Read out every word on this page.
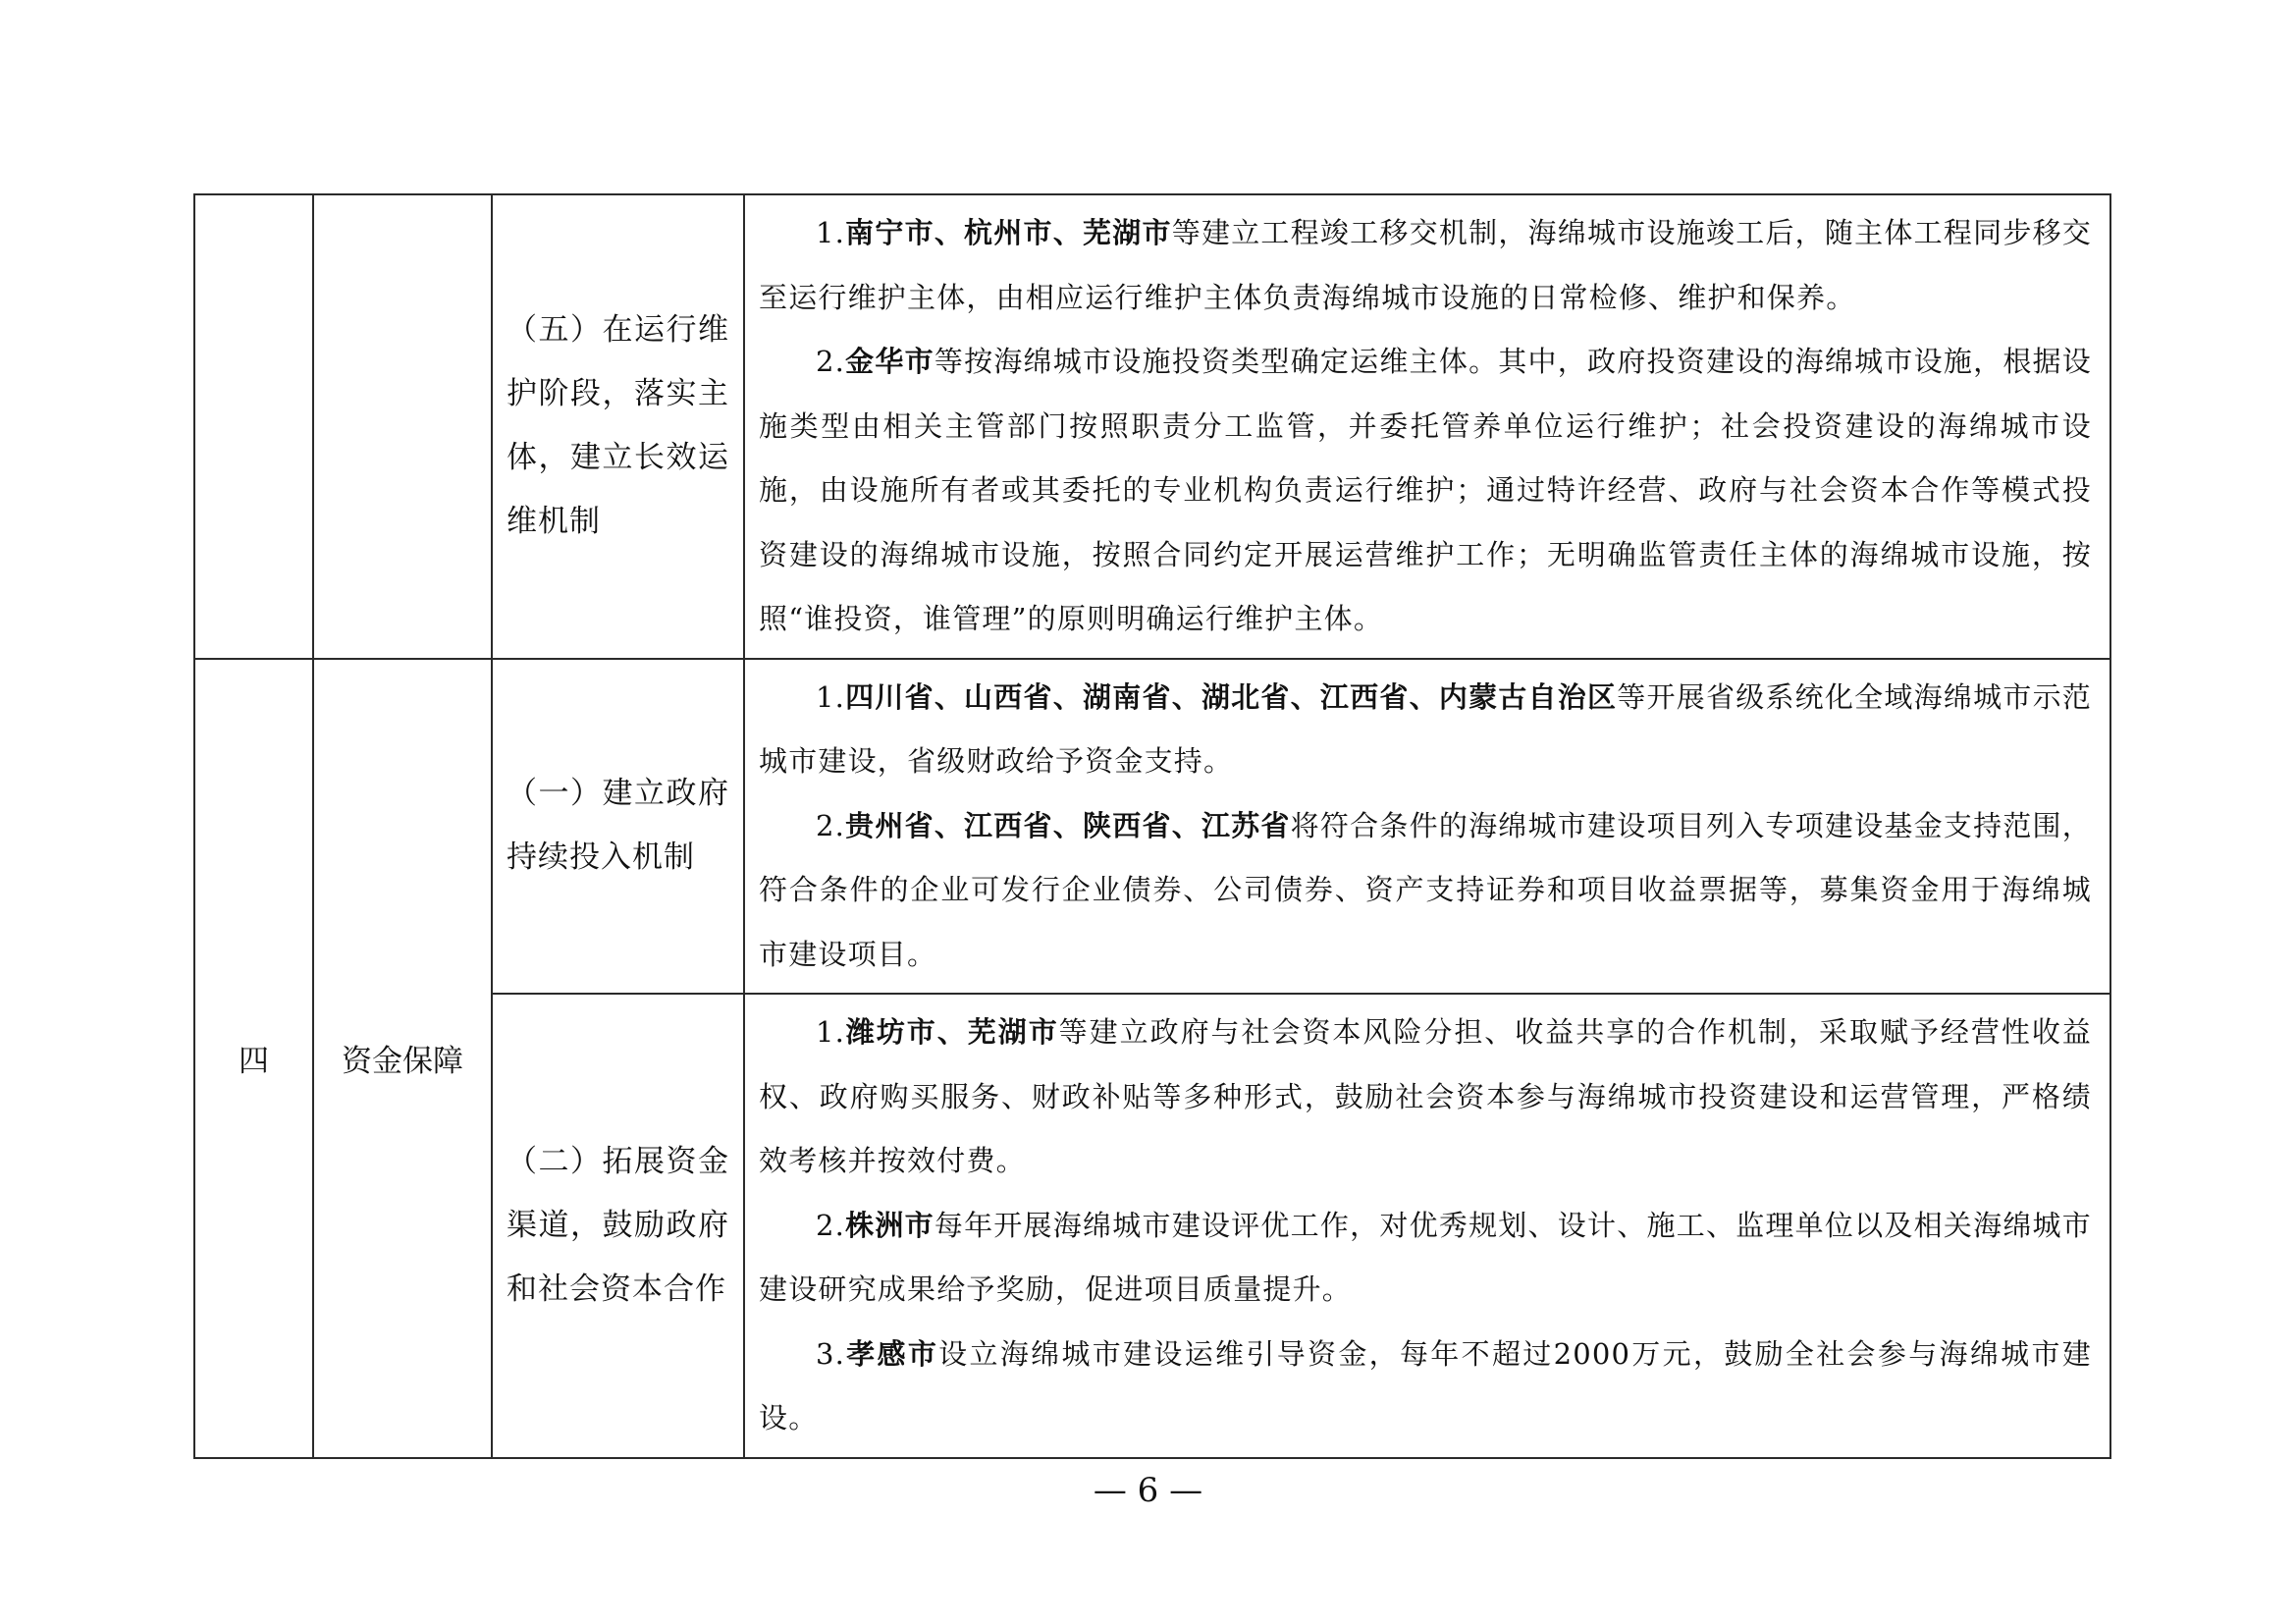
		（五）在运行维护阶段，落实主体，建立长效运维机制	1.南宁市、杭州市、芜湖市等建立工程竣工移交机制，海绵城市设施竣工后，随主体工程同步移交至运行维护主体，由相应运行维护主体负责海绵城市设施的日常检修、维护和保养。

2.金华市等按海绵城市设施投资类型确定运维主体。其中，政府投资建设的海绵城市设施，根据设施类型由相关主管部门按照职责分工监管，并委托管养单位运行维护；社会投资建设的海绵城市设施，由设施所有者或其委托的专业机构负责运行维护；通过特许经营、政府与社会资本合作等模式投资建设的海绵城市设施，按照合同约定开展运营维护工作；无明确监管责任主体的海绵城市设施，按照“谁投资，谁管理”的原则明确运行维护主体。

四	资金保障	（一）建立政府持续投入机制	1.四川省、山西省、湖南省、湖北省、江西省、内蒙古自治区等开展省级系统化全域海绵城市示范城市建设，省级财政给予资金支持。

2.贵州省、江西省、陕西省、江苏省将符合条件的海绵城市建设项目列入专项建设基金支持范围，符合条件的企业可发行企业债券、公司债券、资产支持证券和项目收益票据等，募集资金用于海绵城市建设项目。

		（二）拓展资金渠道，鼓励政府和社会资本合作	1.潍坊市、芜湖市等建立政府与社会资本风险分担、收益共享的合作机制，采取赋予经营性收益权、政府购买服务、财政补贴等多种形式，鼓励社会资本参与海绵城市投资建设和运营管理，严格绩效考核并按效付费。

2.株洲市每年开展海绵城市建设评优工作，对优秀规划、设计、施工、监理单位以及相关海绵城市建设研究成果给予奖励，促进项目质量提升。

3.孝感市设立海绵城市建设运维引导资金，每年不超过2000万元，鼓励全社会参与海绵城市建设。

— 6 —
